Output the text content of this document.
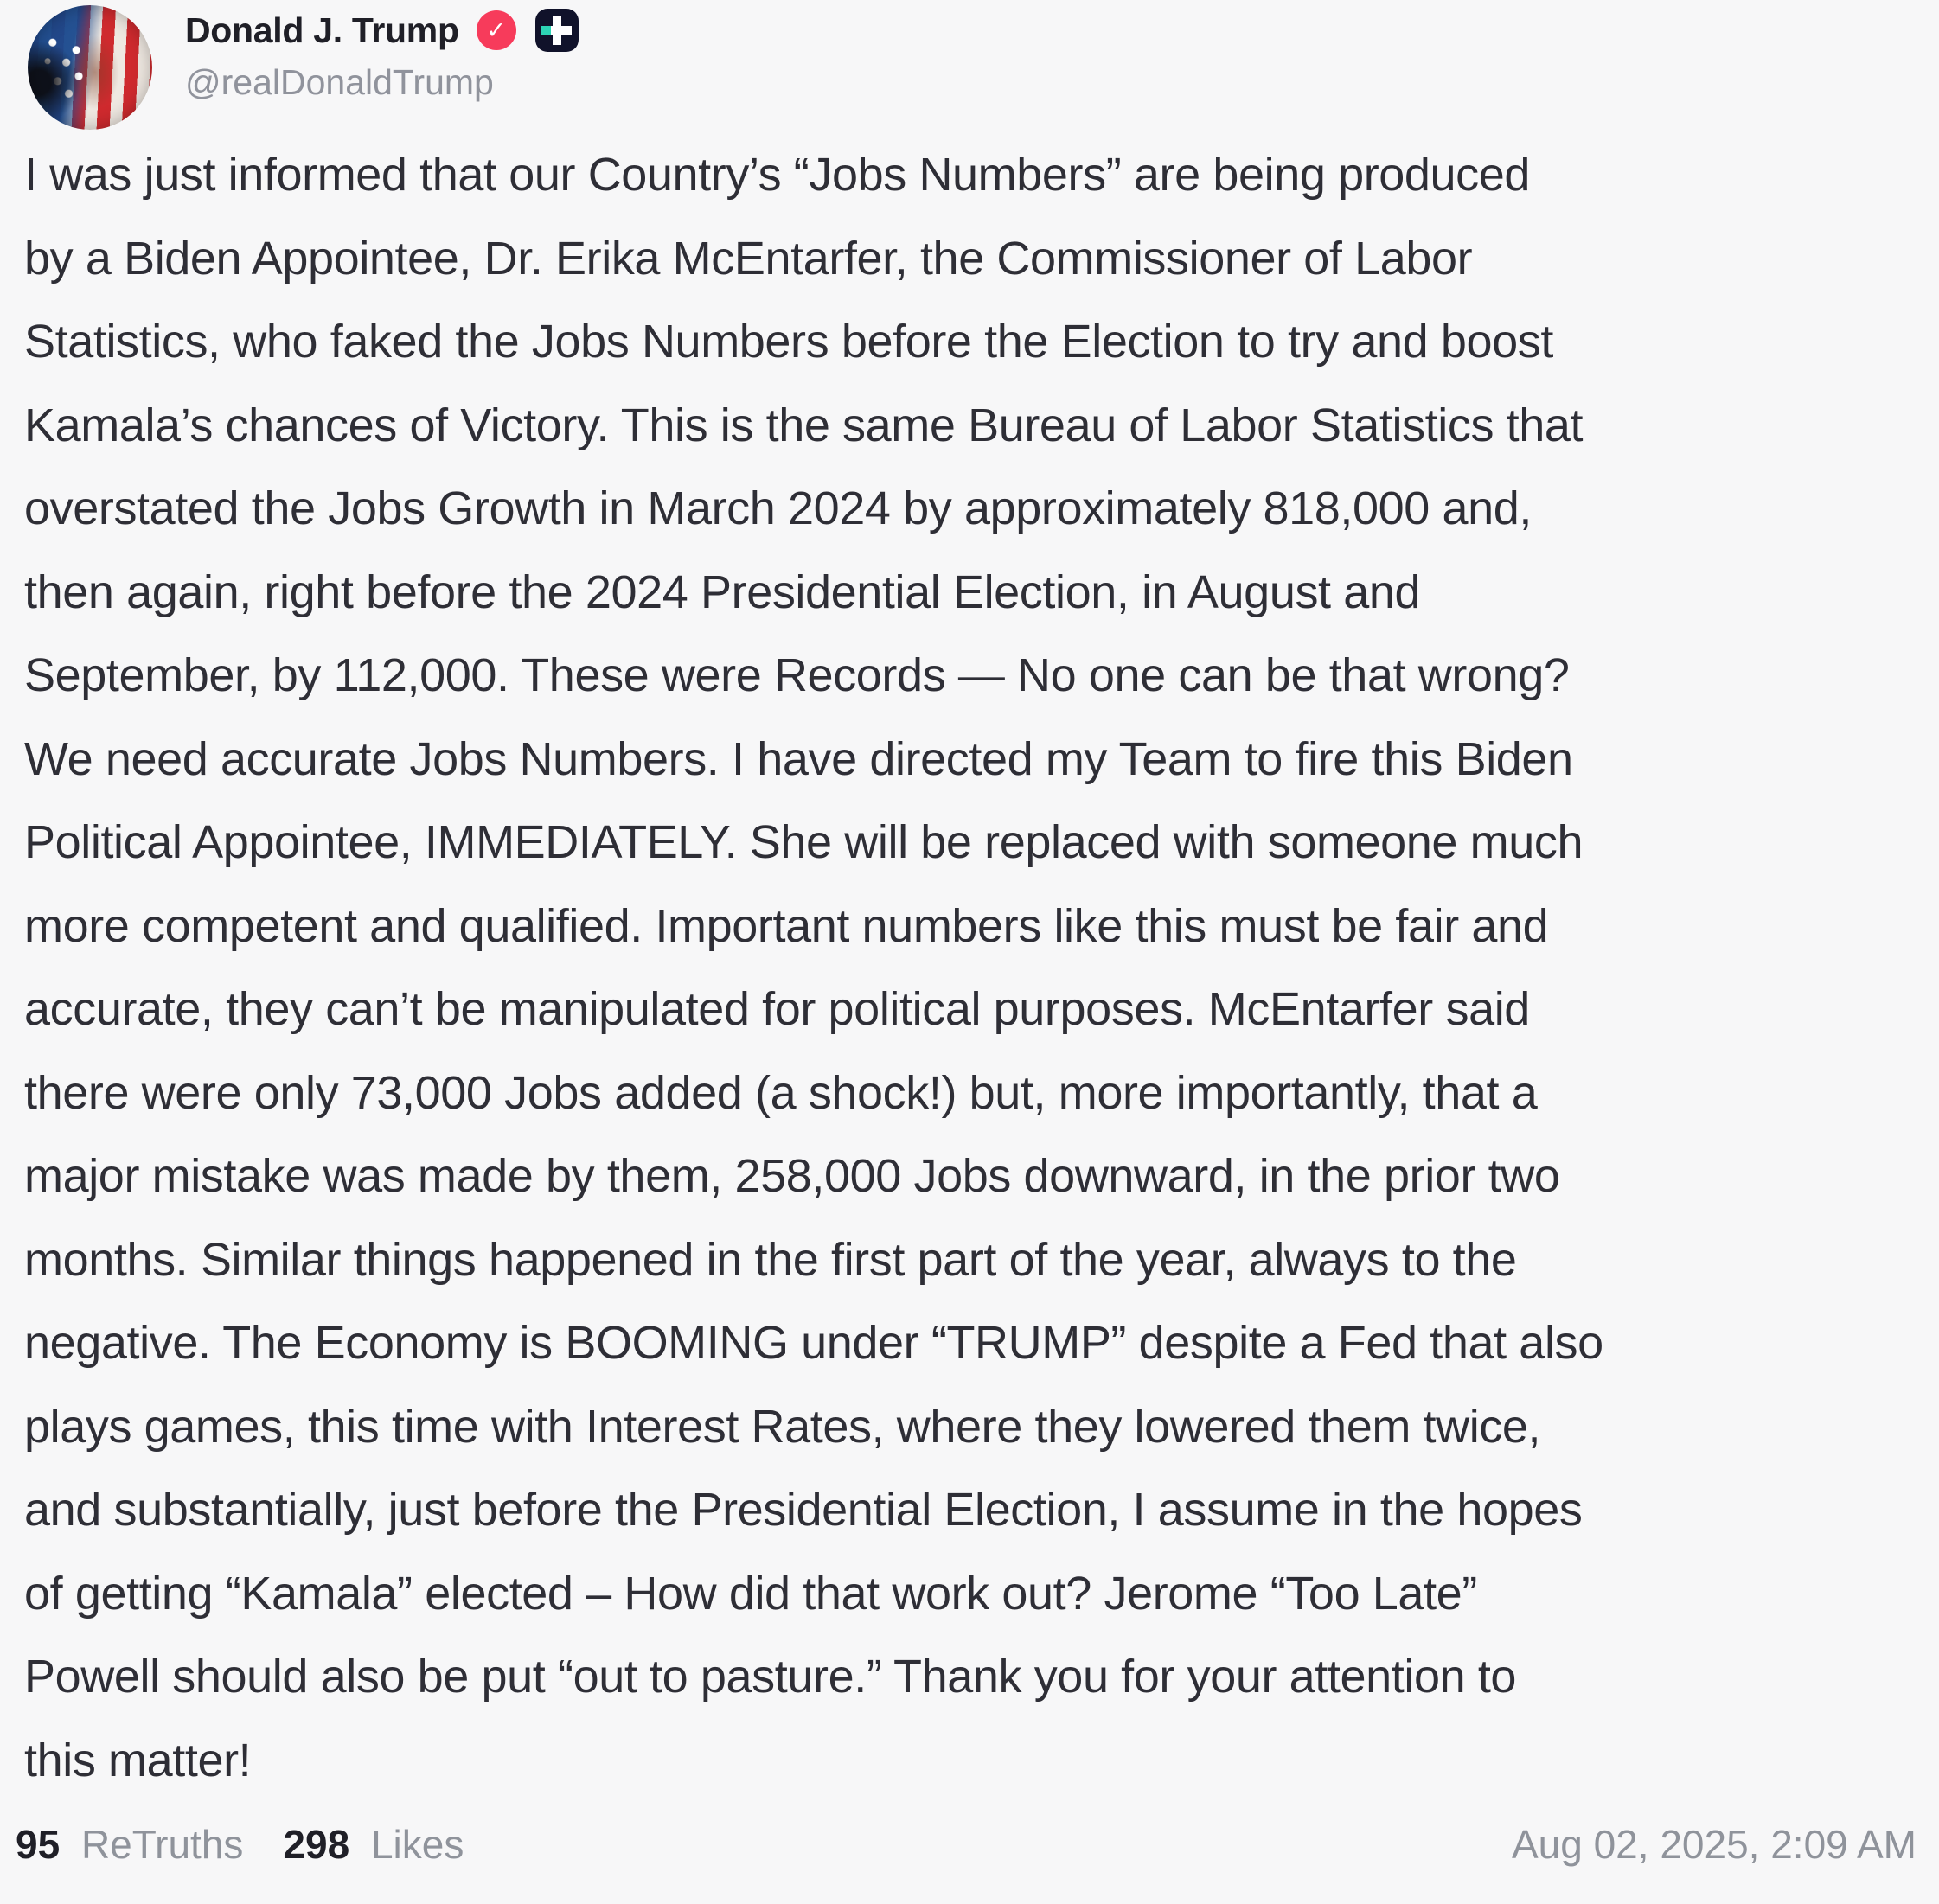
Donald J. Trump	✓
@realDonaldTrump
I was just informed that our Country’s “Jobs Numbers” are being produced
by a Biden Appointee, Dr. Erika McEntarfer, the Commissioner of Labor
Statistics, who faked the Jobs Numbers before the Election to try and boost
Kamala’s chances of Victory. This is the same Bureau of Labor Statistics that
overstated the Jobs Growth in March 2024 by approximately 818,000 and,
then again, right before the 2024 Presidential Election, in August and
September, by 112,000. These were Records — No one can be that wrong?
We need accurate Jobs Numbers. I have directed my Team to fire this Biden
Political Appointee, IMMEDIATELY. She will be replaced with someone much
more competent and qualified. Important numbers like this must be fair and
accurate, they can’t be manipulated for political purposes. McEntarfer said
there were only 73,000 Jobs added (a shock!) but, more importantly, that a
major mistake was made by them, 258,000 Jobs downward, in the prior two
months. Similar things happened in the first part of the year, always to the
negative. The Economy is BOOMING under “TRUMP” despite a Fed that also
plays games, this time with Interest Rates, where they lowered them twice,
and substantially, just before the Presidential Election, I assume in the hopes
of getting “Kamala” elected – How did that work out? Jerome “Too Late”
Powell should also be put “out to pasture.” Thank you for your attention to
this matter!
95 ReTruths 298 Likes	Aug 02, 2025, 2:09 AM
